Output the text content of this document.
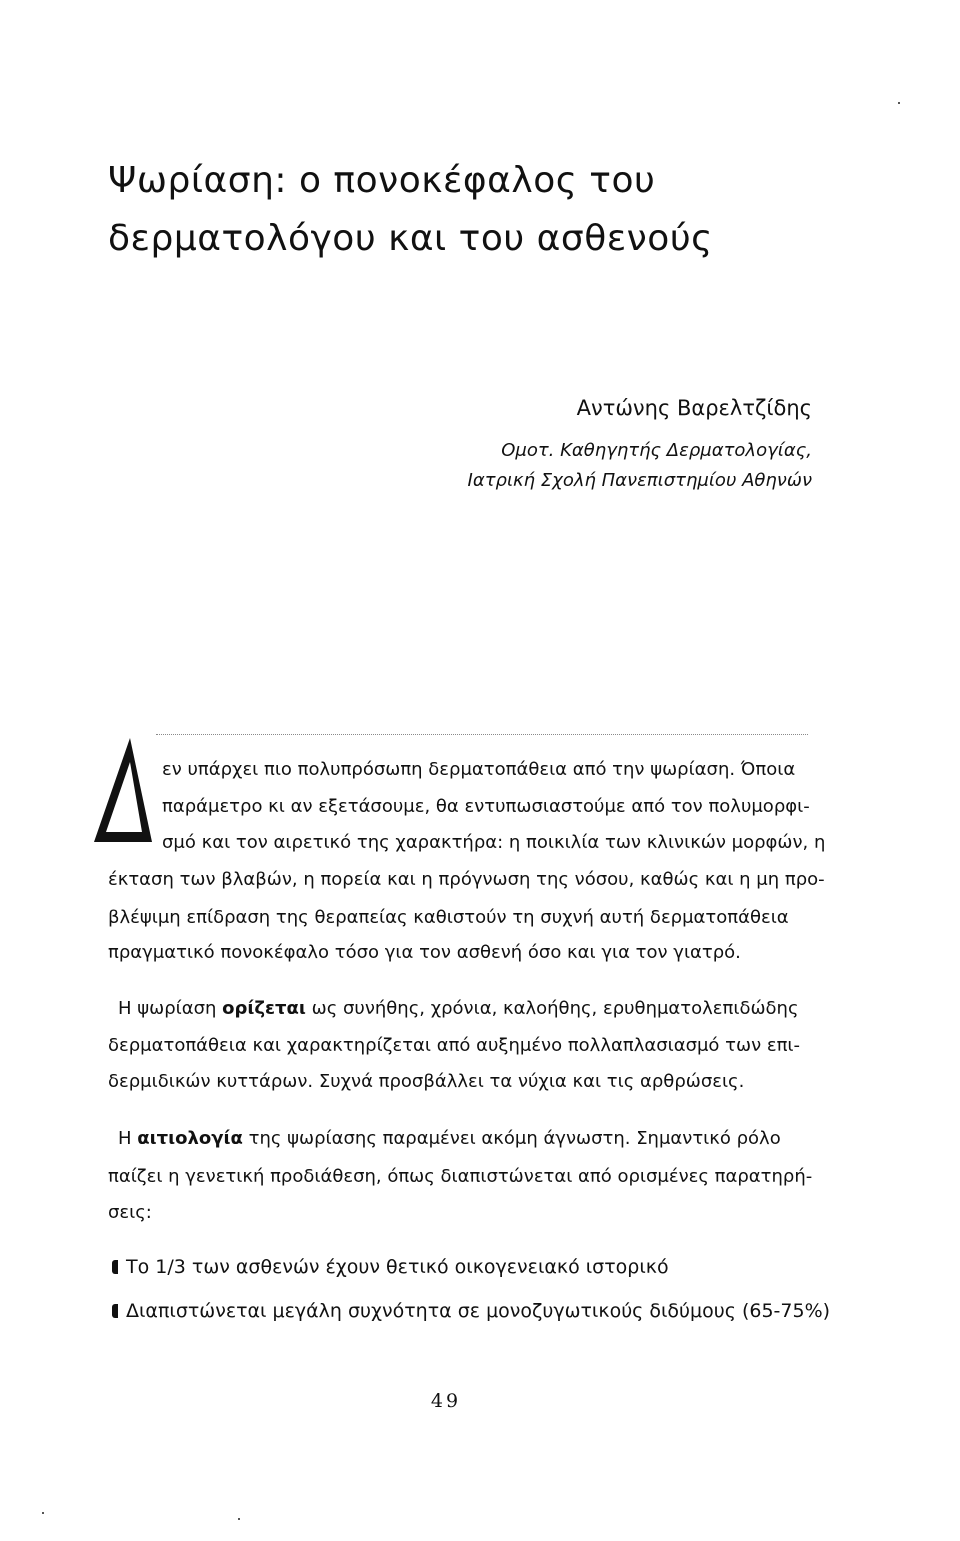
Ψωρίαση: ο πονοκέφαλος του
δερματολόγου και του ασθενούς
Αντώνης Βαρελτζίδης
Ομοτ. Καθηγητής Δερματολογίας,
Ιατρική Σχολή Πανεπιστημίου Αθηνών
εν υπάρχει πιο πολυπρόσωπη δερματοπάθεια από την ψωρίαση. Όποια
παράμετρο κι αν εξετάσουμε, θα εντυπωσιαστούμε από τον πολυμορφι-
σμό και τον αιρετικό της χαρακτήρα: η ποικιλία των κλινικών μορφών, η
έκταση των βλαβών, η πορεία και η πρόγνωση της νόσου, καθώς και η μη προ-
βλέψιμη επίδραση της θεραπείας καθιστούν τη συχνή αυτή δερματοπάθεια
πραγματικό πονοκέφαλο τόσο για τον ασθενή όσο και για τον γιατρό.
Η ψωρίαση ορίζεται ως συνήθης, χρόνια, καλοήθης, ερυθηματολεπιδώδης
δερματοπάθεια και χαρακτηρίζεται από αυξημένο πολλαπλασιασμό των επι-
δερμιδικών κυττάρων. Συχνά προσβάλλει τα νύχια και τις αρθρώσεις.
Η αιτιολογία της ψωρίασης παραμένει ακόμη άγνωστη. Σημαντικό ρόλο
παίζει η γενετική προδιάθεση, όπως διαπιστώνεται από ορισμένες παρατηρή-
σεις:
Το 1/3 των ασθενών έχουν θετικό οικογενειακό ιστορικό
Διαπιστώνεται μεγάλη συχνότητα σε μονοζυγωτικούς διδύμους (65-75%)
49
